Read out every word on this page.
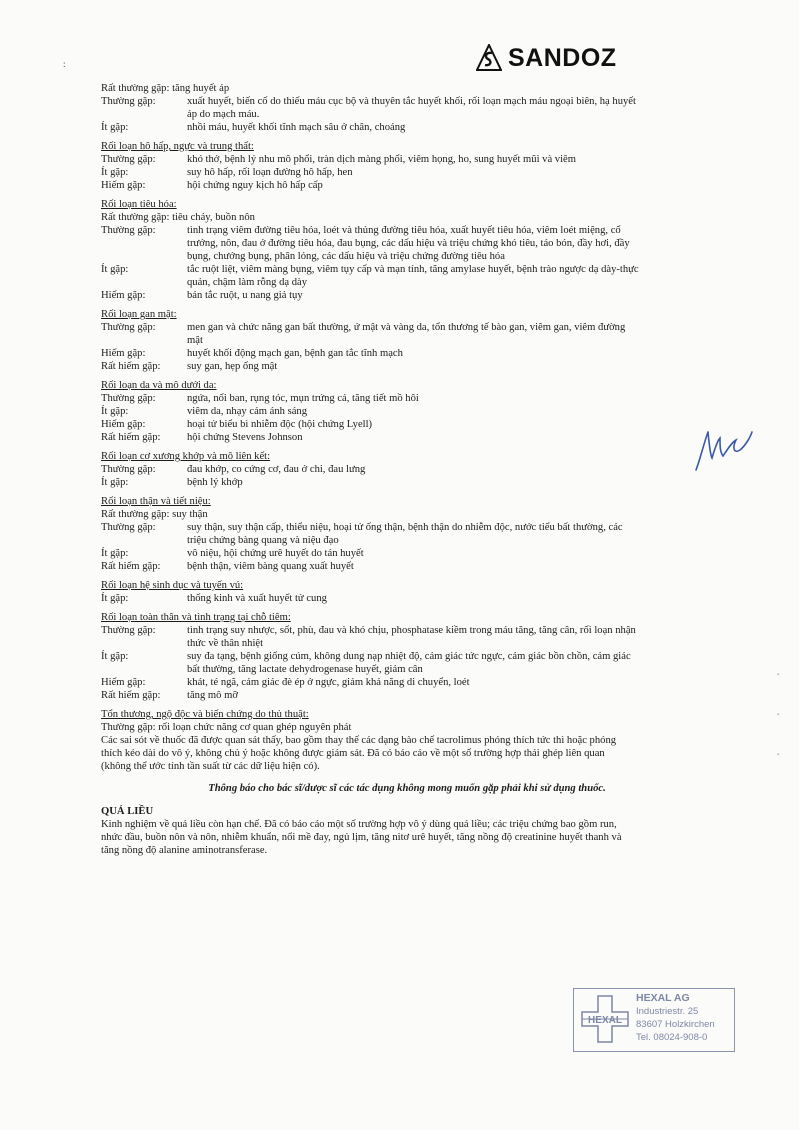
SANDOZ
:
Rất thường gặp: tăng huyết áp
Thường gặp:	xuất huyết, biến cố do thiếu máu cục bộ và thuyên tắc huyết khối, rối loạn mạch máu ngoại biên, hạ huyết
áp do mạch máu.
Ít gặp:	nhồi máu, huyết khối tĩnh mạch sâu ở chân, choáng
Rối loạn hô hấp, ngực và trung thất:
Thường gặp:	khó thở, bệnh lý nhu mô phổi, tràn dịch màng phổi, viêm họng, ho, sung huyết mũi và viêm
Ít gặp:	suy hô hấp, rối loạn đường hô hấp, hen
Hiếm gặp:	hội chứng nguy kịch hô hấp cấp
Rối loạn tiêu hóa:
Rất thường gặp: tiêu chảy, buồn nôn
Thường gặp:	tình trạng viêm đường tiêu hóa, loét và thủng đường tiêu hóa, xuất huyết tiêu hóa, viêm loét miệng, cổ
trướng, nôn, đau ở đường tiêu hóa, đau bụng, các dấu hiệu và triệu chứng khó tiêu, táo bón, đầy hơi, đầy
bụng, chướng bụng, phân lỏng, các dấu hiệu và triệu chứng đường tiêu hóa
Ít gặp:	tắc ruột liệt, viêm màng bụng, viêm tụy cấp và mạn tính, tăng amylase huyết, bệnh trào ngược dạ dày-thực
quản, chậm làm rỗng dạ dày
Hiếm gặp:	bán tắc ruột, u nang giả tụy
Rối loạn gan mật:
Thường gặp:	men gan và chức năng gan bất thường, ứ mật và vàng da, tổn thương tế bào gan, viêm gan, viêm đường
mật
Hiếm gặp:	huyết khối động mạch gan, bệnh gan tắc tĩnh mạch
Rất hiếm gặp:	suy gan, hẹp ống mật
Rối loạn da và mô dưới da:
Thường gặp:	ngứa, nổi ban, rụng tóc, mụn trứng cá, tăng tiết mồ hôi
Ít gặp:	viêm da, nhạy cảm ánh sáng
Hiếm gặp:	hoại tử biểu bì nhiễm độc (hội chứng Lyell)
Rất hiếm gặp:	hội chứng Stevens Johnson
Rối loạn cơ xương khớp và mô liên kết:
Thường gặp:	đau khớp, co cứng cơ, đau ở chi, đau lưng
Ít gặp:	bệnh lý khớp
Rối loạn thận và tiết niệu:
Rất thường gặp: suy thận
Thường gặp:	suy thận, suy thận cấp, thiểu niệu, hoại tử ống thận, bệnh thận do nhiễm độc, nước tiểu bất thường, các
triệu chứng bàng quang và niệu đạo
Ít gặp:	vô niệu, hội chứng urê huyết do tán huyết
Rất hiếm gặp:	bệnh thận, viêm bàng quang xuất huyết
Rối loạn hệ sinh dục và tuyến vú:
Ít gặp:	thống kinh và xuất huyết tử cung
Rối loạn toàn thân và tình trạng tại chỗ tiêm:
Thường gặp:	tình trạng suy nhược, sốt, phù, đau và khó chịu, phosphatase kiềm trong máu tăng, tăng cân, rối loạn nhận
thức về thân nhiệt
Ít gặp:	suy đa tạng, bệnh giống cúm, không dung nạp nhiệt độ, cảm giác tức ngực, cảm giác bồn chồn, cảm giác
bất thường, tăng lactate dehydrogenase huyết, giảm cân
Hiếm gặp:	khát, té ngã, cảm giác đè ép ở ngực, giảm khả năng di chuyển, loét
Rất hiếm gặp:	tăng mô mỡ
Tổn thương, ngộ độc và biến chứng do thủ thuật:
Thường gặp: rối loạn chức năng cơ quan ghép nguyên phát
Các sai sót về thuốc đã được quan sát thấy, bao gồm thay thế các dạng bào chế tacrolimus phóng thích tức thì hoặc phóng
thích kéo dài do vô ý, không chủ ý hoặc không được giám sát. Đã có báo cáo về một số trường hợp thải ghép liên quan
(không thể ước tính tần suất từ các dữ liệu hiện có).
Thông báo cho bác sĩ/dược sĩ các tác dụng không mong muốn gặp phải khi sử dụng thuốc.
QUÁ LIỀU
Kinh nghiệm về quá liều còn hạn chế. Đã có báo cáo một số trường hợp vô ý dùng quá liều; các triệu chứng bao gồm run,
nhức đầu, buồn nôn và nôn, nhiễm khuẩn, nổi mề đay, ngủ lịm, tăng nitơ urê huyết, tăng nồng độ creatinine huyết thanh và
tăng nồng độ alanine aminotransferase.
▪
▪
▪
HEXAL
HEXAL AG
Industriestr. 25
83607 Holzkirchen
Tel. 08024-908-0
